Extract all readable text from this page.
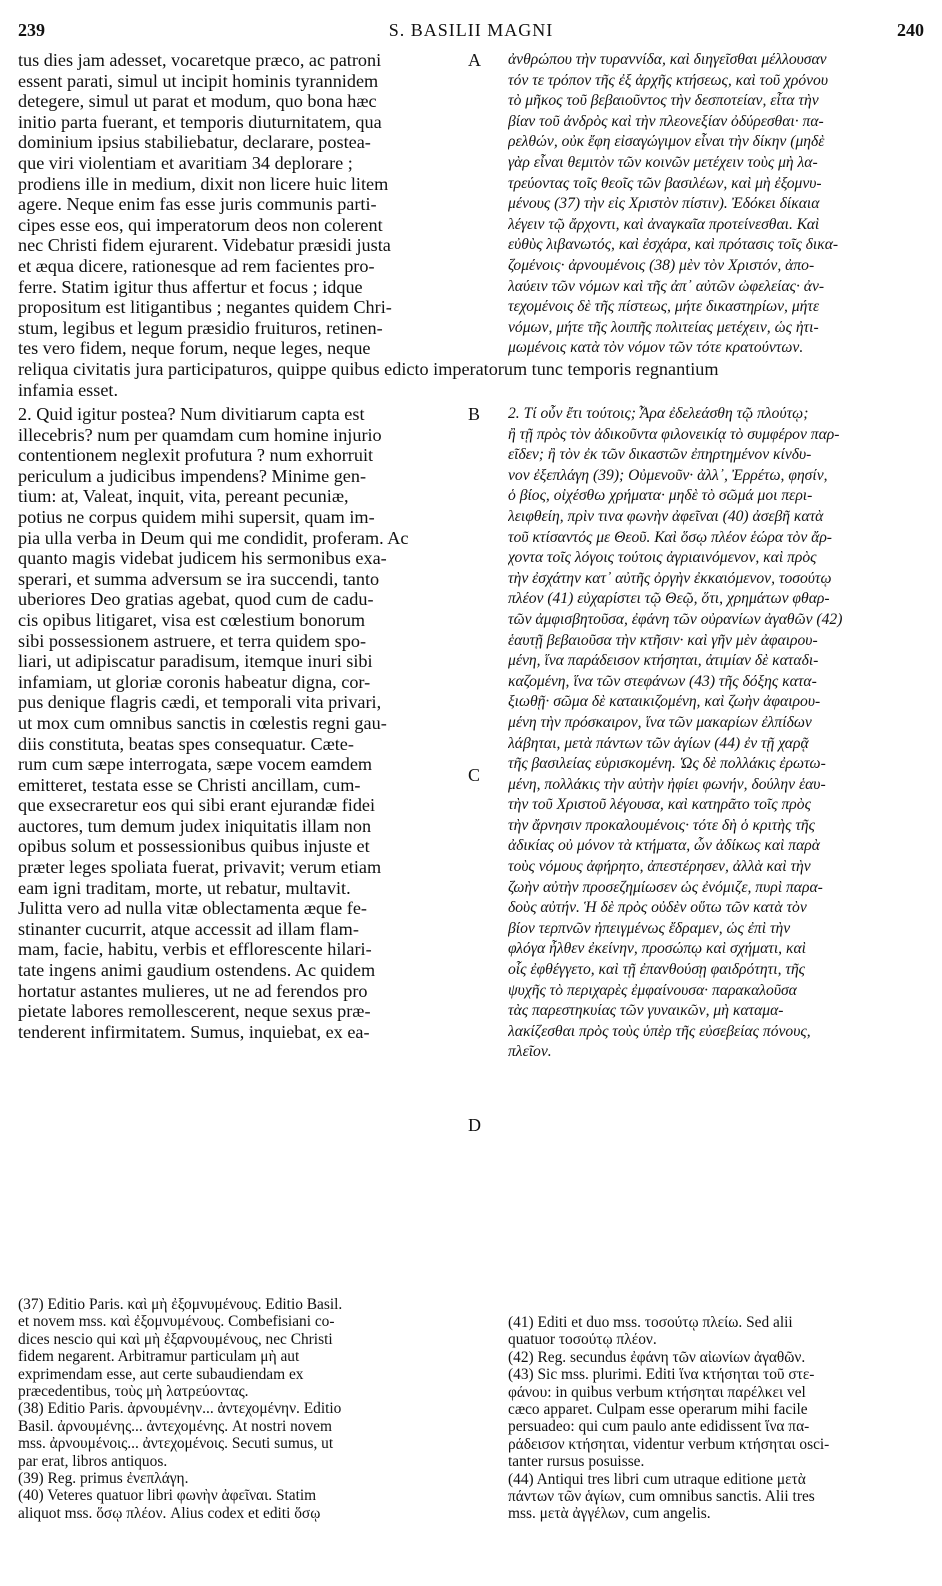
239	S. BASILII MAGNI	240
tus dies jam adesset, vocaretque præco, ac patroni
essent parati, simul ut incipit hominis tyrannidem
detegere, simul ut parat et modum, quo bona hæc
initio parta fuerant, et temporis diuturnitatem, qua
dominium ipsius stabiliebatur, declarare, postea-
que viri violentiam et avaritiam 34 deplorare ;
prodiens ille in medium, dixit non licere huic litem
agere. Neque enim fas esse juris communis parti-
cipes esse eos, qui imperatorum deos non colerent
nec Christi fidem ejurarent. Videbatur præsidi justa
et æqua dicere, rationesque ad rem facientes pro-
ferre. Statim igitur thus affertur et focus ; idque
propositum est litigantibus ; negantes quidem Chri-
stum, legibus et legum præsidio fruituros, retinen-
tes vero fidem, neque forum, neque leges, neque
A ἀνθρώπου τὴν τυραννίδα, καὶ διηγεῖσθαι μέλλουσαν
τόν τε τρόπον τῆς ἐξ ἀρχῆς κτήσεως, καὶ τοῦ χρόνου
τὸ μῆκος τοῦ βεβαιοῦντος τὴν δεσποτείαν, εἶτα τὴν
βίαν τοῦ ἀνδρὸς καὶ τὴν πλεονεξίαν ὀδύρεσθαι· πα-
ρελθών, οὐκ ἔφη εἰσαγώγιμον εἶναι τὴν δίκην (μηδὲ
γὰρ εἶναι θεμιτὸν τῶν κοινῶν μετέχειν τοὺς μὴ λα-
τρεύοντας τοῖς θεοῖς τῶν βασιλέων, καὶ μὴ ἐξομνυ-
μένους (37) τὴν εἰς Χριστὸν πίστιν). Ἐδόκει δίκαια
λέγειν τῷ ἄρχοντι, καὶ ἀναγκαῖα προτείνεσθαι. Καὶ
εὐθὺς λιβανωτός, καὶ ἐσχάρα, καὶ πρότασις τοῖς δικα-
ζομένοις· ἀρνουμένοις (38) μὲν τὸν Χριστόν, ἀπο-
λαύειν τῶν νόμων καὶ τῆς ἀπ᾽ αὐτῶν ὠφελείας· ἀν-
τεχομένοις δὲ τῆς πίστεως, μήτε δικαστηρίων, μήτε
νόμων, μήτε τῆς λοιπῆς πολιτείας μετέχειν, ὡς ἠτι-
μωμένοις κατὰ τὸν νόμον τῶν τότε κρατούντων.
reliqua civitatis jura participaturos, quippe quibus edicto imperatorum tunc temporis regnantium
infamia esset.
2. Quid igitur postea? Num divitiarum capta est
illecebris? num per quamdam cum homine injurio
contentionem neglexit profutura ? num exhorruit
periculum a judicibus impendens? Minime gen-
tium: at, Valeat, inquit, vita, pereant pecuniæ,
potius ne corpus quidem mihi supersit, quam im-
pia ulla verba in Deum qui me condidit, proferam. Ac
quanto magis videbat judicem his sermonibus exa-
sperari, et summa adversum se ira succendi, tanto
uberiores Deo gratias agebat, quod cum de cadu-
cis opibus litigaret, visa est cœlestium bonorum
sibi possessionem astruere, et terra quidem spo-
liari, ut adipiscatur paradisum, itemque inuri sibi
infamiam, ut gloriæ coronis habeatur digna, cor-
pus denique flagris cædi, et temporali vita privari,
ut mox cum omnibus sanctis in cœlestis regni gau-
diis constituta, beatas spes consequatur. Cæte-
rum cum sæpe interrogata, sæpe vocem eamdem
emitteret, testata esse se Christi ancillam, cum-
que exsecraretur eos qui sibi erant ejurandæ fidei
auctores, tum demum judex iniquitatis illam non
opibus solum et possessionibus quibus injuste et
præter leges spoliata fuerat, privavit; verum etiam
eam igni traditam, morte, ut rebatur, multavit.
Julitta vero ad nulla vitæ oblectamenta æque fe-
stinanter cucurrit, atque accessit ad illam flam-
mam, facie, habitu, verbis et efflorescente hilari-
tate ingens animi gaudium ostendens. Ac quidem
hortatur astantes mulieres, ut ne ad ferendos pro
pietate labores remollescerent, neque sexus præ-
tenderent infirmitatem. Sumus, inquiebat, ex ea-
B
C
D
2. Τί οὖν ἔτι τούτοις; Ἆρα ἐδελεάσθη τῷ πλούτῳ;
ἢ τῇ πρὸς τὸν ἀδικοῦντα φιλονεικίᾳ τὸ συμφέρον παρ-
εῖδεν; ἢ τὸν ἐκ τῶν δικαστῶν ἐπηρτημένον κίνδυ-
νον ἐξεπλάγη (39); Οὐμενοῦν· ἀλλ᾽, Ἐρρέτω, φησίν,
ὁ βίος, οἰχέσθω χρήματα· μηδὲ τὸ σῶμά μοι περι-
λειφθείη, πρὶν τινα φωνὴν ἀφεῖναι (40) ἀσεβῆ κατὰ
τοῦ κτίσαντός με Θεοῦ. Καὶ ὅσῳ πλέον ἑώρα τὸν ἄρ-
χοντα τοῖς λόγοις τούτοις ἀγριαινόμενον, καὶ πρὸς
τὴν ἐσχάτην κατ᾽ αὐτῆς ὀργὴν ἐκκαιόμενον, τοσούτῳ
πλέον (41) εὐχαρίστει τῷ Θεῷ, ὅτι, χρημάτων φθαρ-
τῶν ἀμφισβητοῦσα, ἐφάνη τῶν οὐρανίων ἀγαθῶν (42)
ἑαυτῇ βεβαιοῦσα τὴν κτῆσιν· καὶ γῆν μὲν ἀφαιρου-
μένη, ἵνα παράδεισον κτήσηται, ἀτιμίαν δὲ καταδι-
καζομένη, ἵνα τῶν στεφάνων (43) τῆς δόξης κατα-
ξιωθῇ· σῶμα δὲ καταικιζομένη, καὶ ζωὴν ἀφαιρου-
μένη τὴν πρόσκαιρον, ἵνα τῶν μακαρίων ἐλπίδων
λάβηται, μετὰ πάντων τῶν ἁγίων (44) ἐν τῇ χαρᾷ
τῆς βασιλείας εὑρισκομένη. Ὡς δὲ πολλάκις ἐρωτω-
μένη, πολλάκις τὴν αὐτὴν ἠφίει φωνήν, δούλην ἑαυ-
τὴν τοῦ Χριστοῦ λέγουσα, καὶ κατηρᾶτο τοῖς πρὸς
τὴν ἄρνησιν προκαλουμένοις· τότε δὴ ὁ κριτὴς τῆς
ἀδικίας οὐ μόνον τὰ κτήματα, ὧν ἀδίκως καὶ παρὰ
τοὺς νόμους ἀφήρητο, ἀπεστέρησεν, ἀλλὰ καὶ τὴν
ζωὴν αὐτὴν προσεζημίωσεν ὡς ἐνόμιζε, πυρὶ παρα-
δοὺς αὐτήν. Ἡ δὲ πρὸς οὐδὲν οὕτω τῶν κατὰ τὸν
βίον τερπνῶν ἠπειγμένως ἔδραμεν, ὡς ἐπὶ τὴν
φλόγα ἦλθεν ἐκείνην, προσώπῳ καὶ σχήματι, καὶ
οἷς ἐφθέγγετο, καὶ τῇ ἐπανθούσῃ φαιδρότητι, τῆς
ψυχῆς τὸ περιχαρὲς ἐμφαίνουσα· παρακαλοῦσα
τὰς παρεστηκυίας τῶν γυναικῶν, μὴ καταμα-
λακίζεσθαι πρὸς τοὺς ὑπὲρ τῆς εὐσεβείας πόνους,
πλεῖον.
(37) Editio Paris. καὶ μὴ ἐξομνυμένους. Editio Basil.
et novem mss. καὶ ἐξομνυμένους. Combefisiani co-
dices nescio qui καὶ μὴ ἐξαρνουμένους, nec Christi
fidem negarent. Arbitramur particulam μὴ aut
exprimendam esse, aut certe subaudiendam ex
præcedentibus, τοὺς μὴ λατρεύοντας.
(38) Editio Paris. ἀρνουμένην... ἀντεχομένην. Editio
Basil. ἀρνουμένης... ἀντεχομένης. At nostri novem
mss. ἀρνουμένοις... ἀντεχομένοις. Secuti sumus, ut
par erat, libros antiquos.
(39) Reg. primus ἐνεπλάγη.
(40) Veteres quatuor libri φωνὴν ἀφεῖναι. Statim
aliquot mss. ὅσῳ πλέον. Alius codex et editi ὅσῳ
(41) Editi et duo mss. τοσούτῳ πλείω. Sed alii
quatuor τοσούτῳ πλέον.
(42) Reg. secundus ἐφάνη τῶν αἰωνίων ἀγαθῶν.
(43) Sic mss. plurimi. Editi ἵνα κτήσηται τοῦ στε-
φάνου: in quibus verbum κτήσηται παρέλκει vel
cæco apparet. Culpam esse operarum mihi facile
persuadeo: qui cum paulo ante edidissent ἵνα πα-
ράδεισον κτήσηται, videntur verbum κτήσηται osci-
tanter rursus posuisse.
(44) Antiqui tres libri cum utraque editione μετὰ
πάντων τῶν ἁγίων, cum omnibus sanctis. Alii tres
mss. μετὰ ἀγγέλων, cum angelis.
